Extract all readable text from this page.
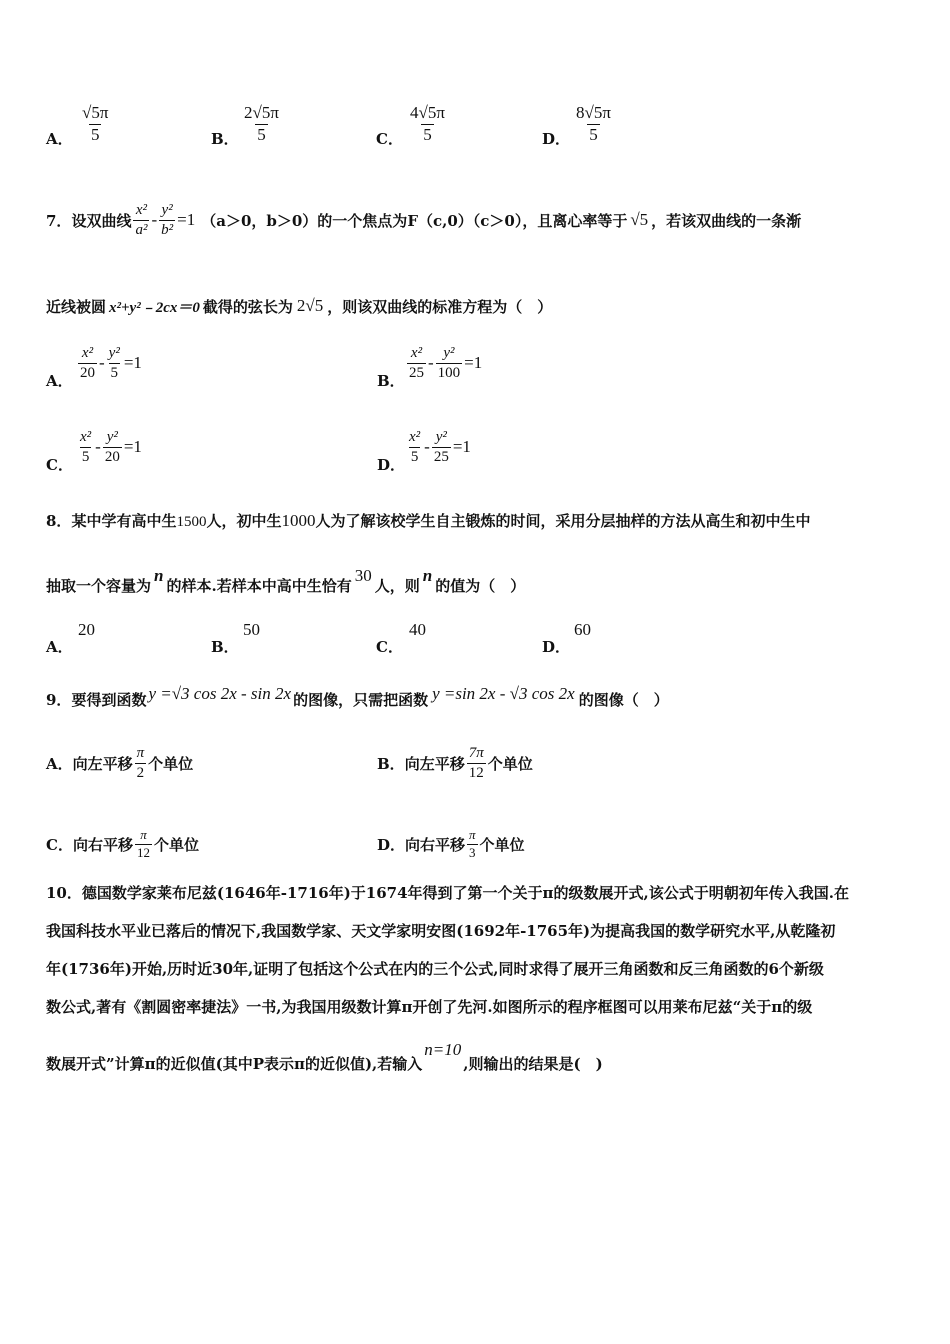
A． $\frac{√5\pi}{5}$	B． $\frac{2√5\pi}{5}$	C． $\frac{4√5\pi}{5}$	D． $\frac{8√5\pi}{5}$
7． 设双曲线 $\frac{\text{x²}}{\text{a²}} - \frac{\text{y²}}{\text{b²}} =1$ （a＞0，b＞0）的一个焦点为 F（c,0）（c＞0），且离心率等于 √5 ，若该双曲线的一条渐
近线被圆 x²+y²﹣2cx＝0 截得的弦长为 2√5 ，则该双曲线的标准方程为（　）
A． $\frac{\text{x²}}{20} - \frac{\text{y²}}{5} =1$
B． $\frac{\text{x²}}{25} - \frac{\text{y²}}{100} =1$
C． $\frac{\text{x²}}{5} - \frac{\text{y²}}{20} =1$
D． $\frac{\text{x²}}{5} - \frac{\text{y²}}{25} =1$
8． 某中学有高中生 1500 人，初中生 1000 人为了解该校学生自主锻炼的时间，采用分层抽样的方法从高生和初中生中
抽取一个容量为
n
的样本.若样本中高中生恰有
30
人，则
n
的值为（　）
A．
20
B．
50
C．
40
D．
60
9． 要得到函数 y =√3 cos 2x - sin 2x 的图像，只需把函数 y =sin 2x - √3 cos 2x 的图像（　）
A． 向左平移 $\frac{\pi}{2}$ 个单位	B． 向左平移 $\frac{7\pi}{12}$ 个单位
C． 向右平移 $\frac{\pi}{12}$ 个单位	D． 向右平移 $\frac{\pi}{3}$ 个单位
10．德国数学家莱布尼兹(1646年-1716年)于1674年得到了第一个关于π的级数展开式,该公式于明朝初年传入我国.在
我国科技水平业已落后的情况下,我国数学家、天文学家明安图(1692年-1765年)为提高我国的数学研究水平,从乾隆初
年(1736年)开始,历时近30年,证明了包括这个公式在内的三个公式,同时求得了展开三角函数和反三角函数的6个新级
数公式,著有《割圆密率捷法》一书,为我国用级数计算π开创了先河.如图所示的程序框图可以用莱布尼兹“关于π的级
数展开式”计算π的近似值(其中P表示π的近似值),若输入
n=10
,则输出的结果是(　)
